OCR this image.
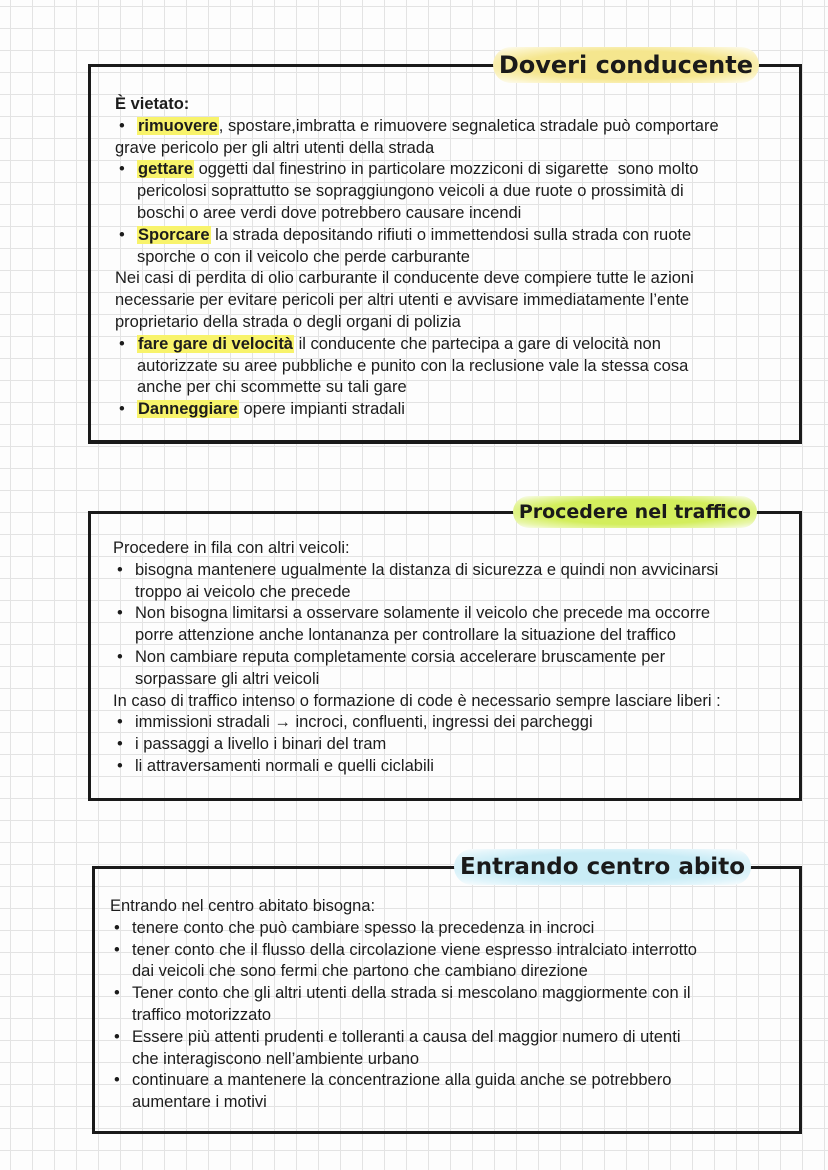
Doveri conducente
È vietato:
• rimuovere, spostare,imbratta e rimuovere segnaletica stradale può comportare
grave pericolo per gli altri utenti della strada
• gettare oggetti dal finestrino in particolare mozziconi di sigarette  sono molto
pericolosi soprattutto se sopraggiungono veicoli a due ruote o prossimità di
boschi o aree verdi dove potrebbero causare incendi
• Sporcare la strada depositando rifiuti o immettendosi sulla strada con ruote
sporche o con il veicolo che perde carburante
Nei casi di perdita di olio carburante il conducente deve compiere tutte le azioni
necessarie per evitare pericoli per altri utenti e avvisare immediatamente l’ente
proprietario della strada o degli organi di polizia
• fare gare di velocità il conducente che partecipa a gare di velocità non
autorizzate su aree pubbliche e punito con la reclusione vale la stessa cosa
anche per chi scommette su tali gare
• Danneggiare opere impianti stradali
Procedere nel traffico
Procedere in fila con altri veicoli:
• bisogna mantenere ugualmente la distanza di sicurezza e quindi non avvicinarsi
troppo ai veicolo che precede
• Non bisogna limitarsi a osservare solamente il veicolo che precede ma occorre
porre attenzione anche lontananza per controllare la situazione del traffico
• Non cambiare reputa completamente corsia accelerare bruscamente per
sorpassare gli altri veicoli
In caso di traffico intenso o formazione di code è necessario sempre lasciare liberi :
• immissioni stradali → incroci, confluenti, ingressi dei parcheggi
• i passaggi a livello i binari del tram
• li attraversamenti normali e quelli ciclabili
Entrando centro abito
Entrando nel centro abitato bisogna:
• tenere conto che può cambiare spesso la precedenza in incroci
• tener conto che il flusso della circolazione viene espresso intralciato interrotto
dai veicoli che sono fermi che partono che cambiano direzione
• Tener conto che gli altri utenti della strada si mescolano maggiormente con il
traffico motorizzato
• Essere più attenti prudenti e tolleranti a causa del maggior numero di utenti
che interagiscono nell’ambiente urbano
• continuare a mantenere la concentrazione alla guida anche se potrebbero
aumentare i motivi
